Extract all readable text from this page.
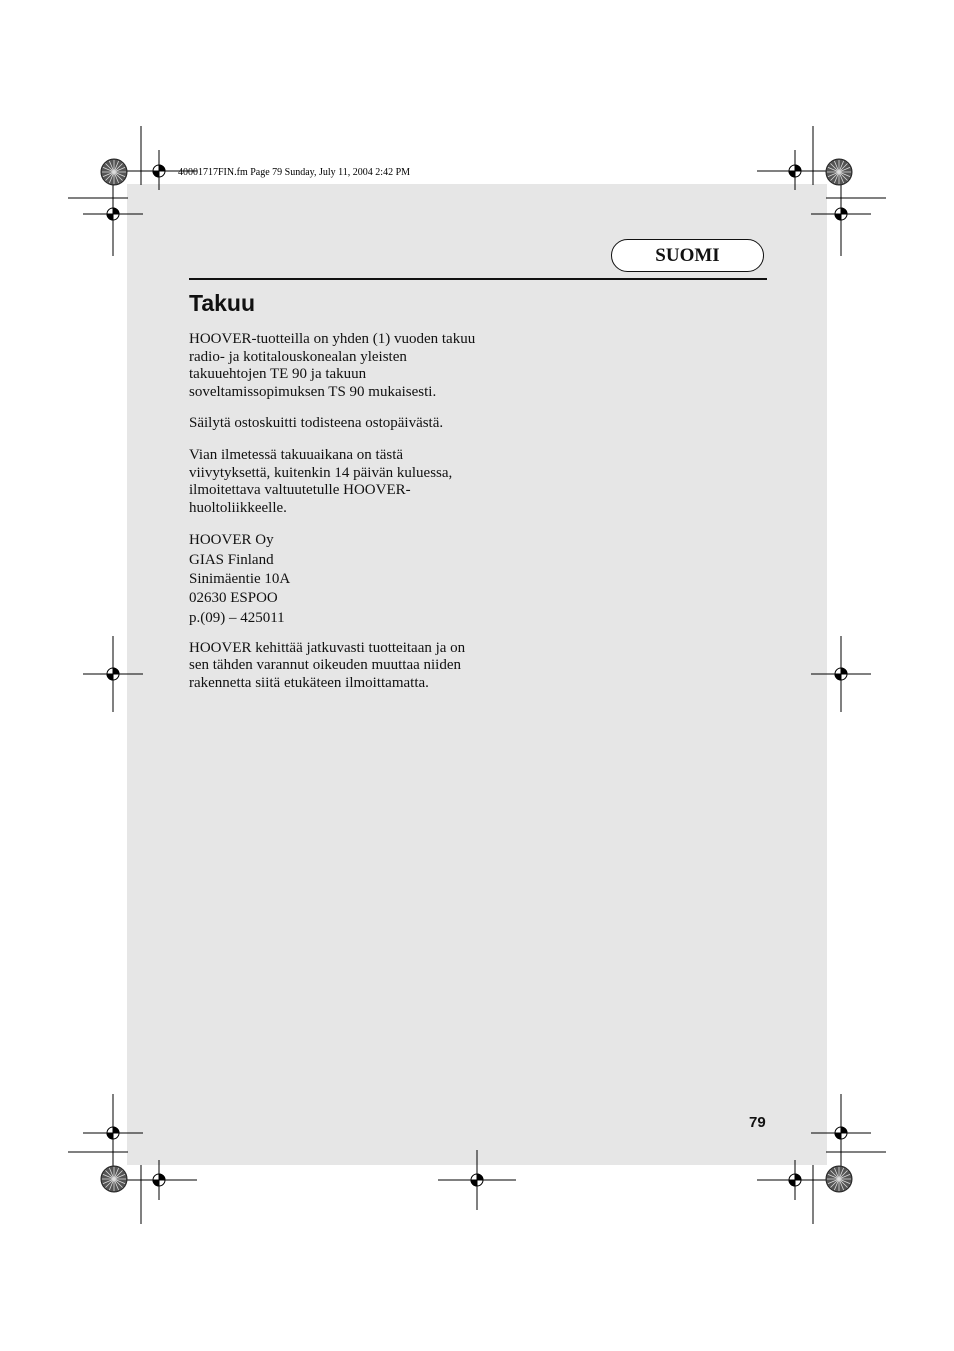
40001717FIN.fm Page 79 Sunday, July 11, 2004 2:42 PM
SUOMI
Takuu

HOOVER-tuotteilla on yhden (1) vuoden takuu radio- ja kotitalouskonealan yleisten takuuehtojen TE 90 ja takuun soveltamissopimuksen TS 90 mukaisesti.

Säilytä ostoskuitti todisteena ostopäivästä.

Vian ilmetessä takuuaikana on tästä viivytyksettä, kuitenkin 14 päivän kuluessa, ilmoitettava valtuutetulle HOOVER-huoltoliikkeelle.

HOOVER Oy
GIAS Finland
Sinimäentie 10A
02630 ESPOO
p.(09) – 425011

HOOVER kehittää jatkuvasti tuotteitaan ja on sen tähden varannut oikeuden muuttaa niiden rakennetta siitä etukäteen ilmoittamatta.

79
